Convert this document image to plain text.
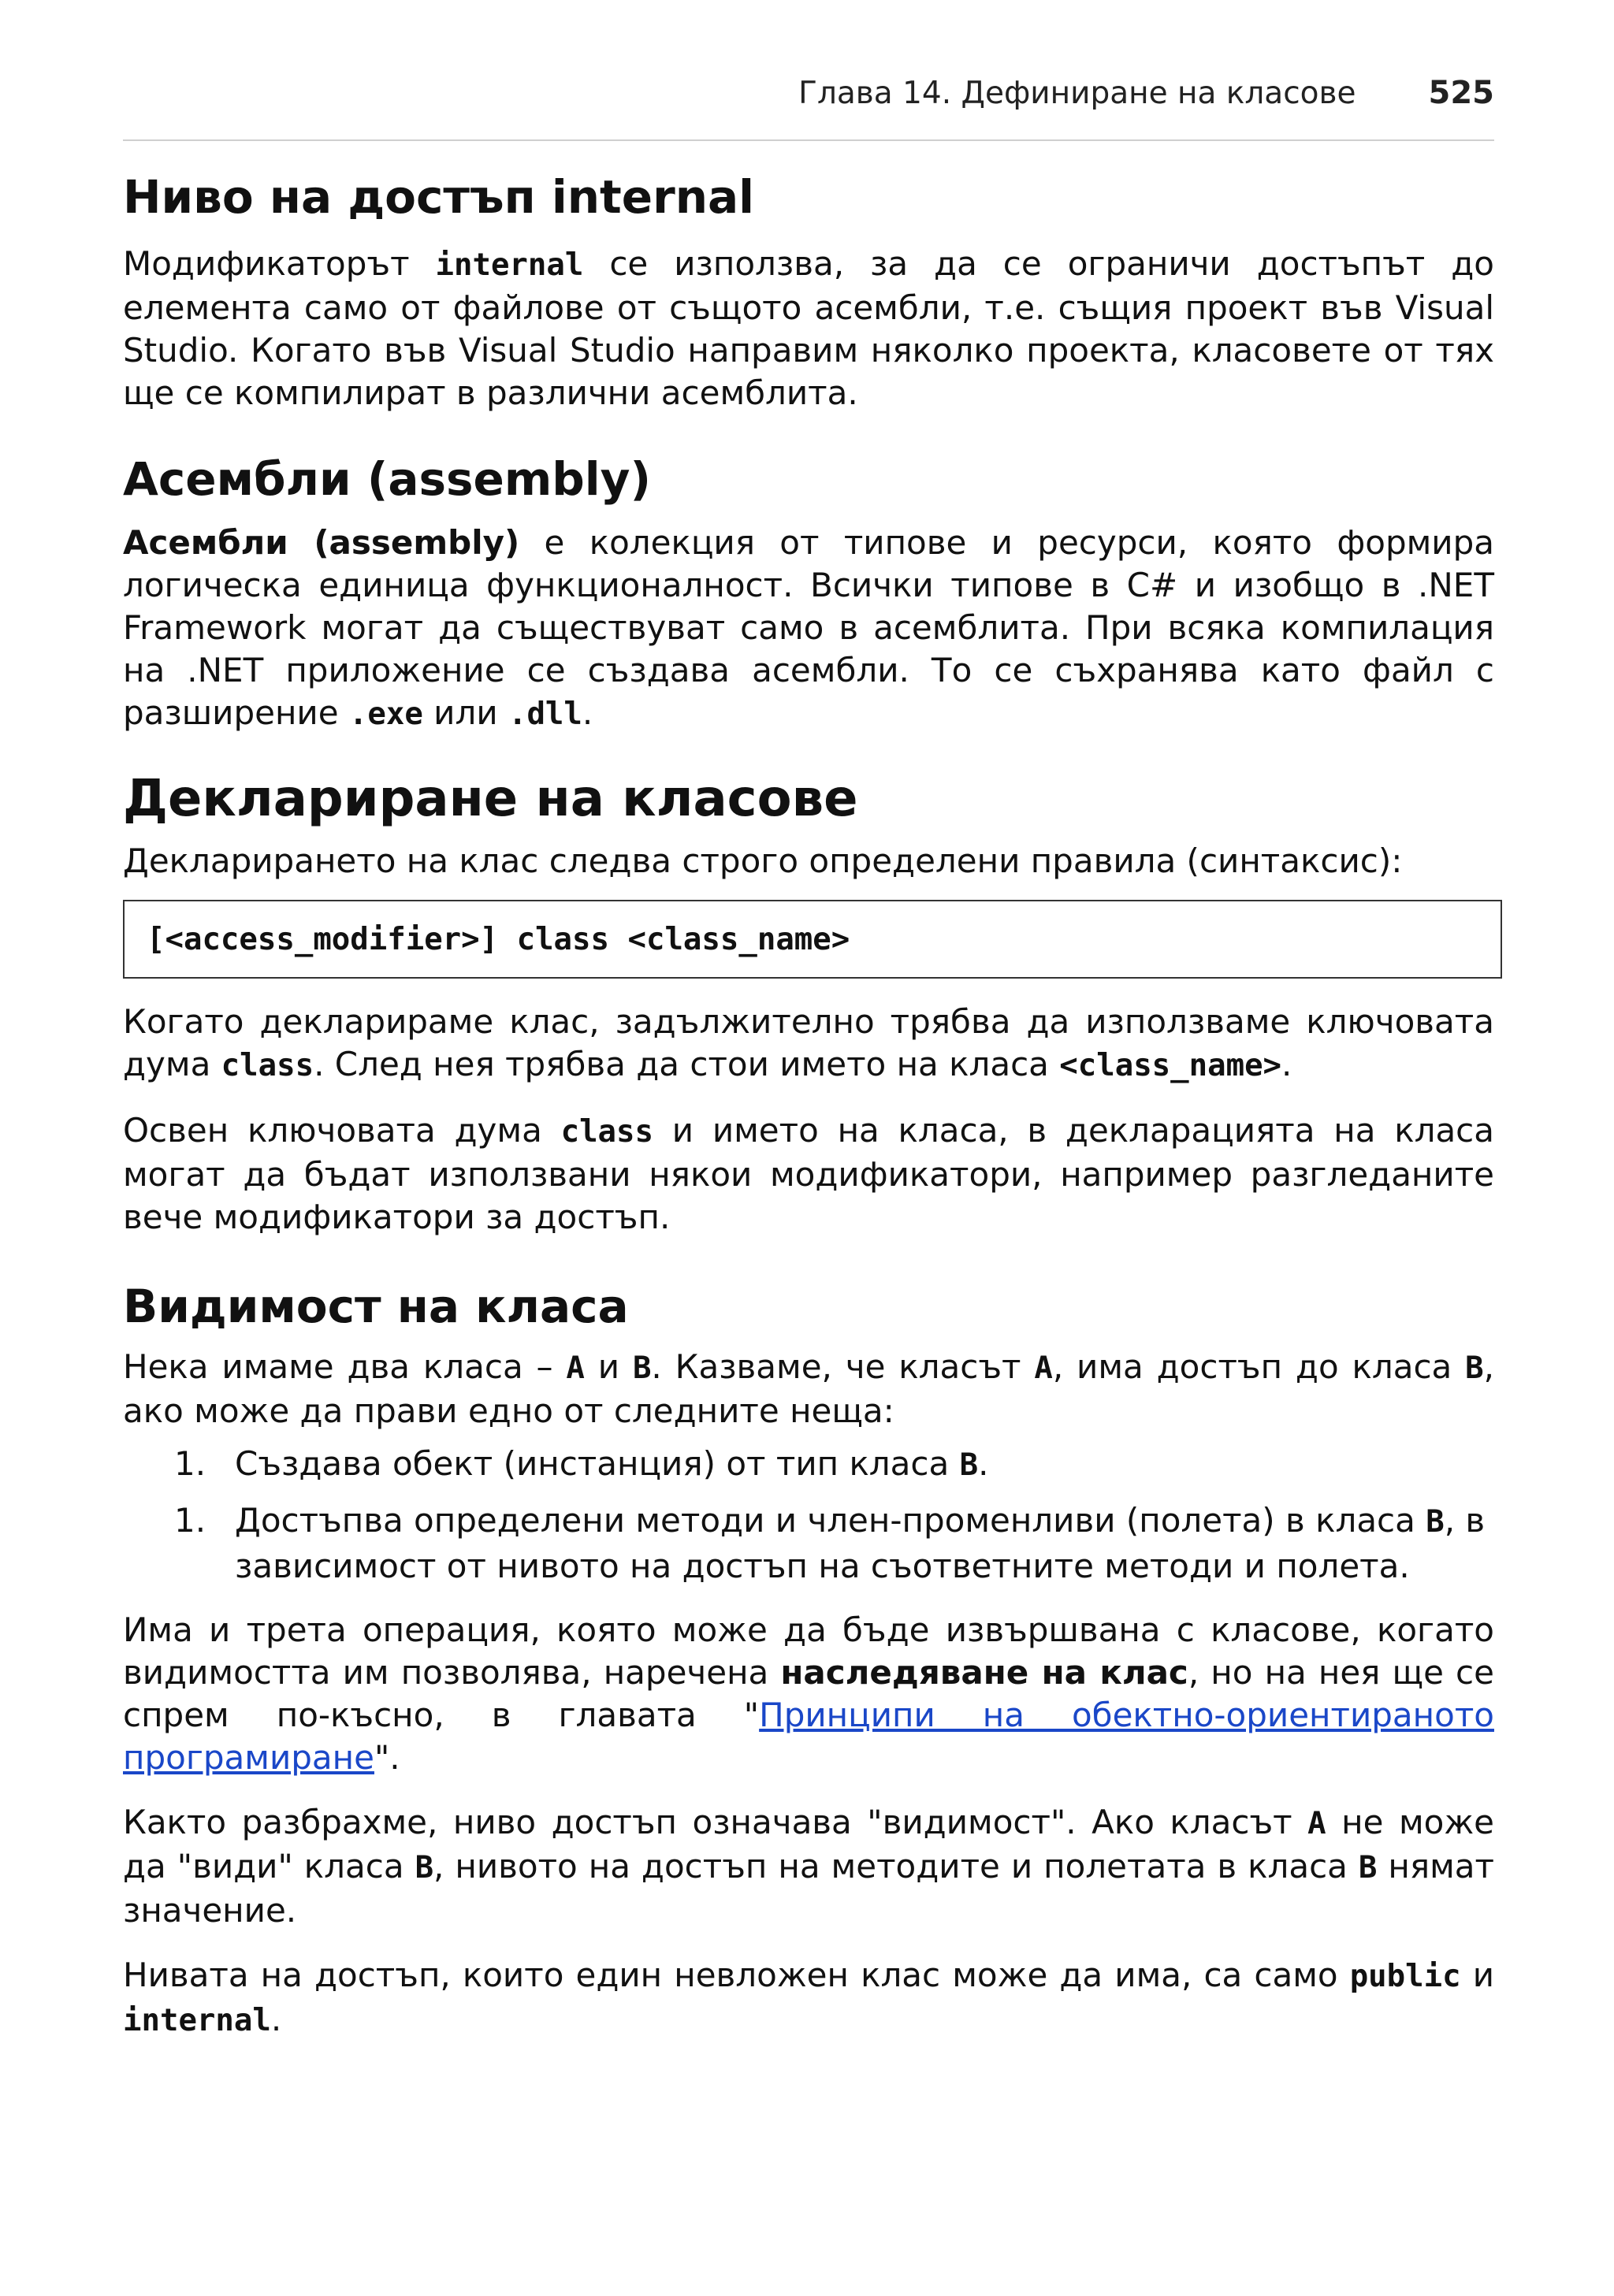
Глава 14. Дефиниране на класове 525
Ниво на достъп internal

Модификаторът internal се използва, за да се ограничи достъпът до елемента само от файлове от същото асембли, т.е. същия проект във Visual Studio. Когато във Visual Studio направим няколко проекта, класовете от тях ще се компилират в различни асемблита.

Асембли (assembly)

Асембли (assembly) е колекция от типове и ресурси, която формира логическа единица функционалност. Всички типове в C# и изобщо в .NET Framework могат да съществуват само в асемблита. При всяка компилация на .NET приложение се създава асембли. То се съхранява като файл с разширение .exe или .dll.

Деклариране на класове

Декларирането на клас следва строго определени правила (синтаксис):

[<access_modifier>] class <class_name>

Когато декларираме клас, задължително трябва да използваме ключовата дума class. След нея трябва да стои името на класа <class_name>.

Освен ключовата дума class и името на класа, в декларацията на класа могат да бъдат използвани някои модификатори, например разгледаните вече модификатори за достъп.

Видимост на класа

Нека имаме два класа – A и B. Казваме, че класът A, има достъп до класа B, ако може да прави едно от следните неща:

1. Създава обект (инстанция) от тип класа B.
1. Достъпва определени методи и член-променливи (полета) в класа B, в зависимост от нивото на достъп на съответните методи и полета.

Има и трета операция, която може да бъде извършвана с класове, когато видимостта им позволява, наречена наследяване на клас, но на нея ще се спрем по-късно, в главата "Принципи на обектно-ориентираното програмиране".

Както разбрахме, ниво достъп означава "видимост". Ако класът A не може да "види" класа B, нивото на достъп на методите и полетата в класа B нямат значение.

Нивата на достъп, които един невложен клас може да има, са само public и internal.
